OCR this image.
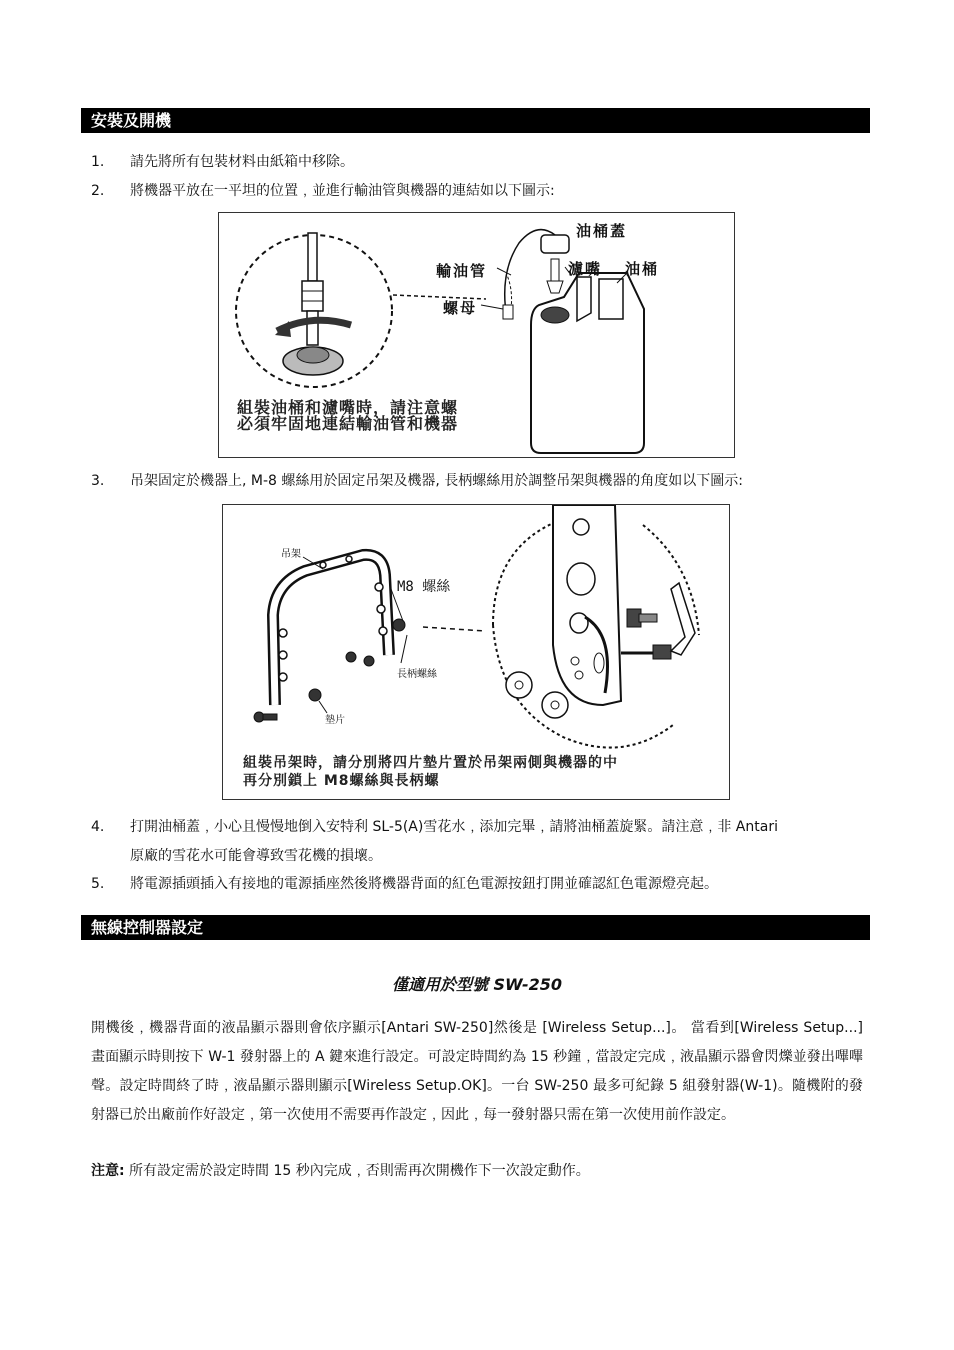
安裝及開機
1.	請先將所有包裝材料由紙箱中移除。
2.	將機器平放在一平坦的位置﹐並進行輸油管與機器的連結如以下圖示:
油桶蓋
輸油管	濾嘴 油桶
螺母
組裝油桶和濾嘴時，請注意螺
必須牢固地連結輸油管和機器
3.	吊架固定於機器上, M-8 螺絲用於固定吊架及機器, 長柄螺絲用於調整吊架與機器的角度如以下圖示:
吊架
M8 螺絲
長柄螺絲
墊片
組裝吊架時，請分別將四片墊片置於吊架兩側與機器的中
再分別鎖上 M8螺絲與長柄螺
4.	打開油桶蓋﹐小心且慢慢地倒入安特利 SL-5(A)雪花水﹐添加完畢﹐請將油桶蓋旋緊。請注意﹐非 Antari
原廠的雪花水可能會導致雪花機的損壞。
5.	將電源插頭插入有接地的電源插座然後將機器背面的紅色電源按鈕打開並確認紅色電源燈亮起。
無線控制器設定
僅適用於型號 SW-250
開機後﹐機器背面的液晶顯示器則會依序顯示[Antari SW-250]然後是 [Wireless Setup...]。 當看到[Wireless Setup...] 畫面顯示時則按下 W-1 發射器上的 A 鍵來進行設定。可設定時間約為 15 秒鐘﹐當設定完成﹐液晶顯示器會閃爍並發出嗶嗶聲。設定時間終了時﹐液晶顯示器則顯示[Wireless Setup.OK]。一台 SW-250 最多可紀錄 5 組發射器(W-1)。隨機附的發射器已於出廠前作好設定﹐第一次使用不需要再作設定﹐因此﹐每一發射器只需在第一次使用前作設定。
注意: 所有設定需於設定時間 15 秒內完成﹐否則需再次開機作下一次設定動作。
